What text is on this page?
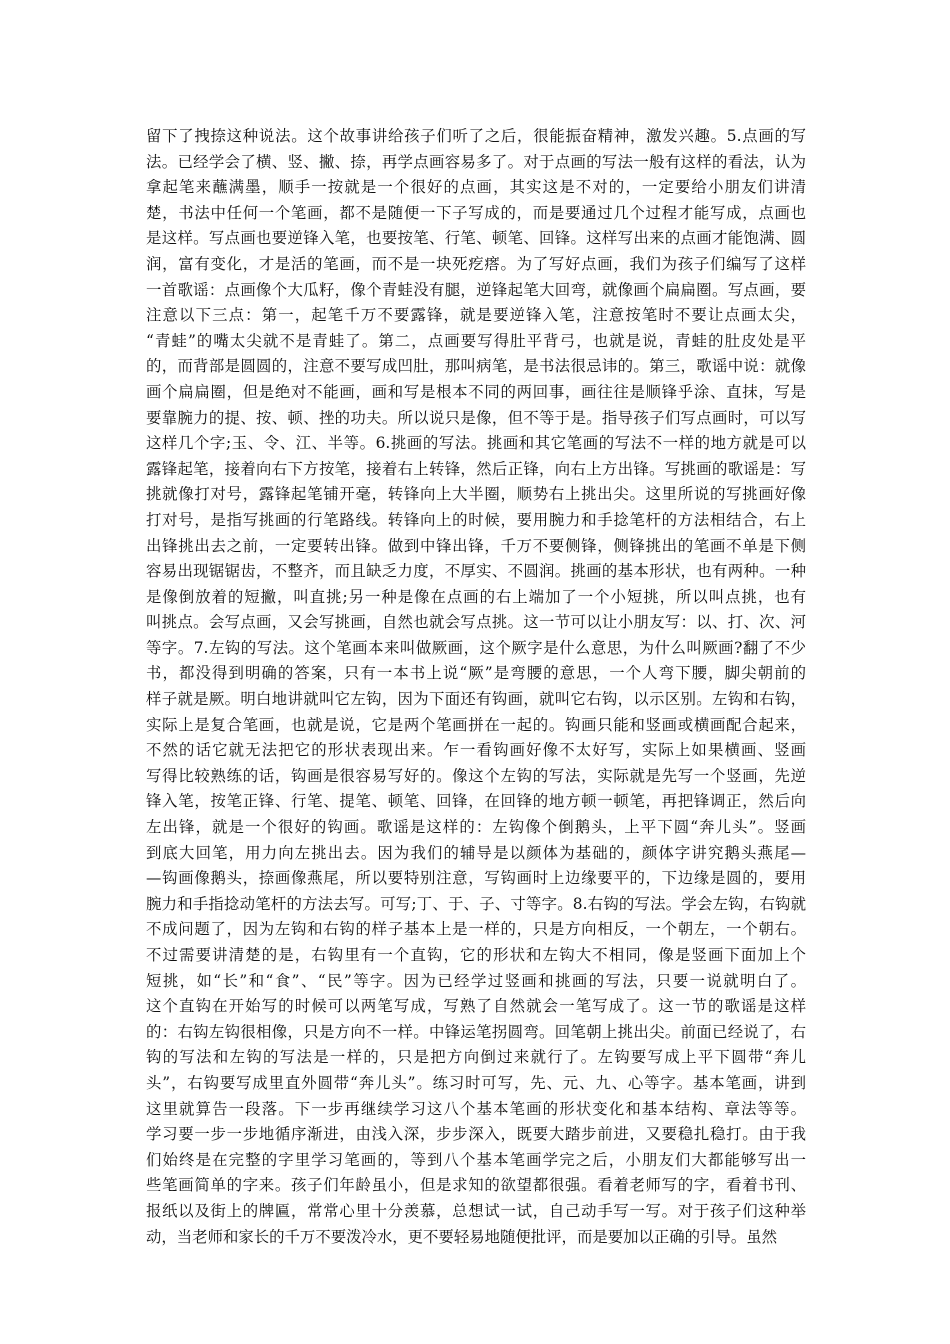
留下了拽捺这种说法。这个故事讲给孩子们听了之后，很能振奋精神，激发兴趣。5.点画的写
法。已经学会了横、竖、撇、捺，再学点画容易多了。对于点画的写法一般有这样的看法，认为
拿起笔来蘸满墨，顺手一按就是一个很好的点画，其实这是不对的，一定要给小朋友们讲清
楚，书法中任何一个笔画，都不是随便一下子写成的，而是要通过几个过程才能写成，点画也
是这样。写点画也要逆锋入笔，也要按笔、行笔、顿笔、回锋。这样写出来的点画才能饱满、圆
润，富有变化，才是活的笔画，而不是一块死疙瘩。为了写好点画，我们为孩子们编写了这样
一首歌谣：点画像个大瓜籽，像个青蛙没有腿，逆锋起笔大回弯，就像画个扁扁圈。写点画，要
注意以下三点：第一，起笔千万不要露锋，就是要逆锋入笔，注意按笔时不要让点画太尖，
“青蛙”的嘴太尖就不是青蛙了。第二，点画要写得肚平背弓，也就是说，青蛙的肚皮处是平
的，而背部是圆圆的，注意不要写成凹肚，那叫病笔，是书法很忌讳的。第三，歌谣中说：就像
画个扁扁圈，但是绝对不能画，画和写是根本不同的两回事，画往往是顺锋乎涂、直抹，写是
要靠腕力的提、按、顿、挫的功夫。所以说只是像，但不等于是。指导孩子们写点画时，可以写
这样几个字;玉、令、江、半等。6.挑画的写法。挑画和其它笔画的写法不一样的地方就是可以
露锋起笔，接着向右下方按笔，接着右上转锋，然后正锋，向右上方出锋。写挑画的歌谣是：写
挑就像打对号，露锋起笔铺开毫，转锋向上大半圈，顺势右上挑出尖。这里所说的写挑画好像
打对号，是指写挑画的行笔路线。转锋向上的时候，要用腕力和手捻笔杆的方法相结合，右上
出锋挑出去之前，一定要转出锋。做到中锋出锋，千万不要侧锋，侧锋挑出的笔画不单是下侧
容易出现锯锯齿，不整齐，而且缺乏力度，不厚实、不圆润。挑画的基本形状，也有两种。一种
是像倒放着的短撇，叫直挑;另一种是像在点画的右上端加了一个小短挑，所以叫点挑，也有
叫挑点。会写点画，又会写挑画，自然也就会写点挑。这一节可以让小朋友写：以、打、次、河
等字。7.左钩的写法。这个笔画本来叫做厥画，这个厥字是什么意思，为什么叫厥画?翻了不少
书，都没得到明确的答案，只有一本书上说“厥”是弯腰的意思，一个人弯下腰，脚尖朝前的
样子就是厥。明白地讲就叫它左钩，因为下面还有钩画，就叫它右钩，以示区别。左钩和右钩，
实际上是复合笔画，也就是说，它是两个笔画拼在一起的。钩画只能和竖画或横画配合起来，
不然的话它就无法把它的形状表现出来。乍一看钩画好像不太好写，实际上如果横画、竖画
写得比较熟练的话，钩画是很容易写好的。像这个左钩的写法，实际就是先写一个竖画，先逆
锋入笔，按笔正锋、行笔、提笔、顿笔、回锋，在回锋的地方顿一顿笔，再把锋调正，然后向
左出锋，就是一个很好的钩画。歌谣是这样的：左钩像个倒鹅头，上平下圆“奔儿头”。竖画
到底大回笔，用力向左挑出去。因为我们的辅导是以颜体为基础的，颜体字讲究鹅头燕尾—
—钩画像鹅头，捺画像燕尾，所以要特别注意，写钩画时上边缘要平的，下边缘是圆的，要用
腕力和手指捻动笔杆的方法去写。可写;丁、于、子、寸等字。8.右钩的写法。学会左钩，右钩就
不成问题了，因为左钩和右钩的样子基本上是一样的，只是方向相反，一个朝左，一个朝右。
不过需要讲清楚的是，右钩里有一个直钩，它的形状和左钩大不相同，像是竖画下面加上个
短挑，如“长”和“食”、“民”等字。因为已经学过竖画和挑画的写法，只要一说就明白了。
这个直钩在开始写的时候可以两笔写成，写熟了自然就会一笔写成了。这一节的歌谣是这样
的：右钩左钩很相像，只是方向不一样。中锋运笔拐圆弯。回笔朝上挑出尖。前面已经说了，右
钩的写法和左钩的写法是一样的，只是把方向倒过来就行了。左钩要写成上平下圆带“奔儿
头”，右钩要写成里直外圆带“奔儿头”。练习时可写，先、元、九、心等字。基本笔画，讲到
这里就算告一段落。下一步再继续学习这八个基本笔画的形状变化和基本结构、章法等等。
学习要一步一步地循序渐进，由浅入深，步步深入，既要大踏步前进，又要稳扎稳打。由于我
们始终是在完整的字里学习笔画的，等到八个基本笔画学完之后，小朋友们大都能够写出一
些笔画简单的字来。孩子们年龄虽小，但是求知的欲望都很强。看着老师写的字，看着书刊、
报纸以及街上的牌匾，常常心里十分羡慕，总想试一试，自己动手写一写。对于孩子们这种举
动，当老师和家长的千万不要泼冷水，更不要轻易地随便批评，而是要加以正确的引导。虽然
